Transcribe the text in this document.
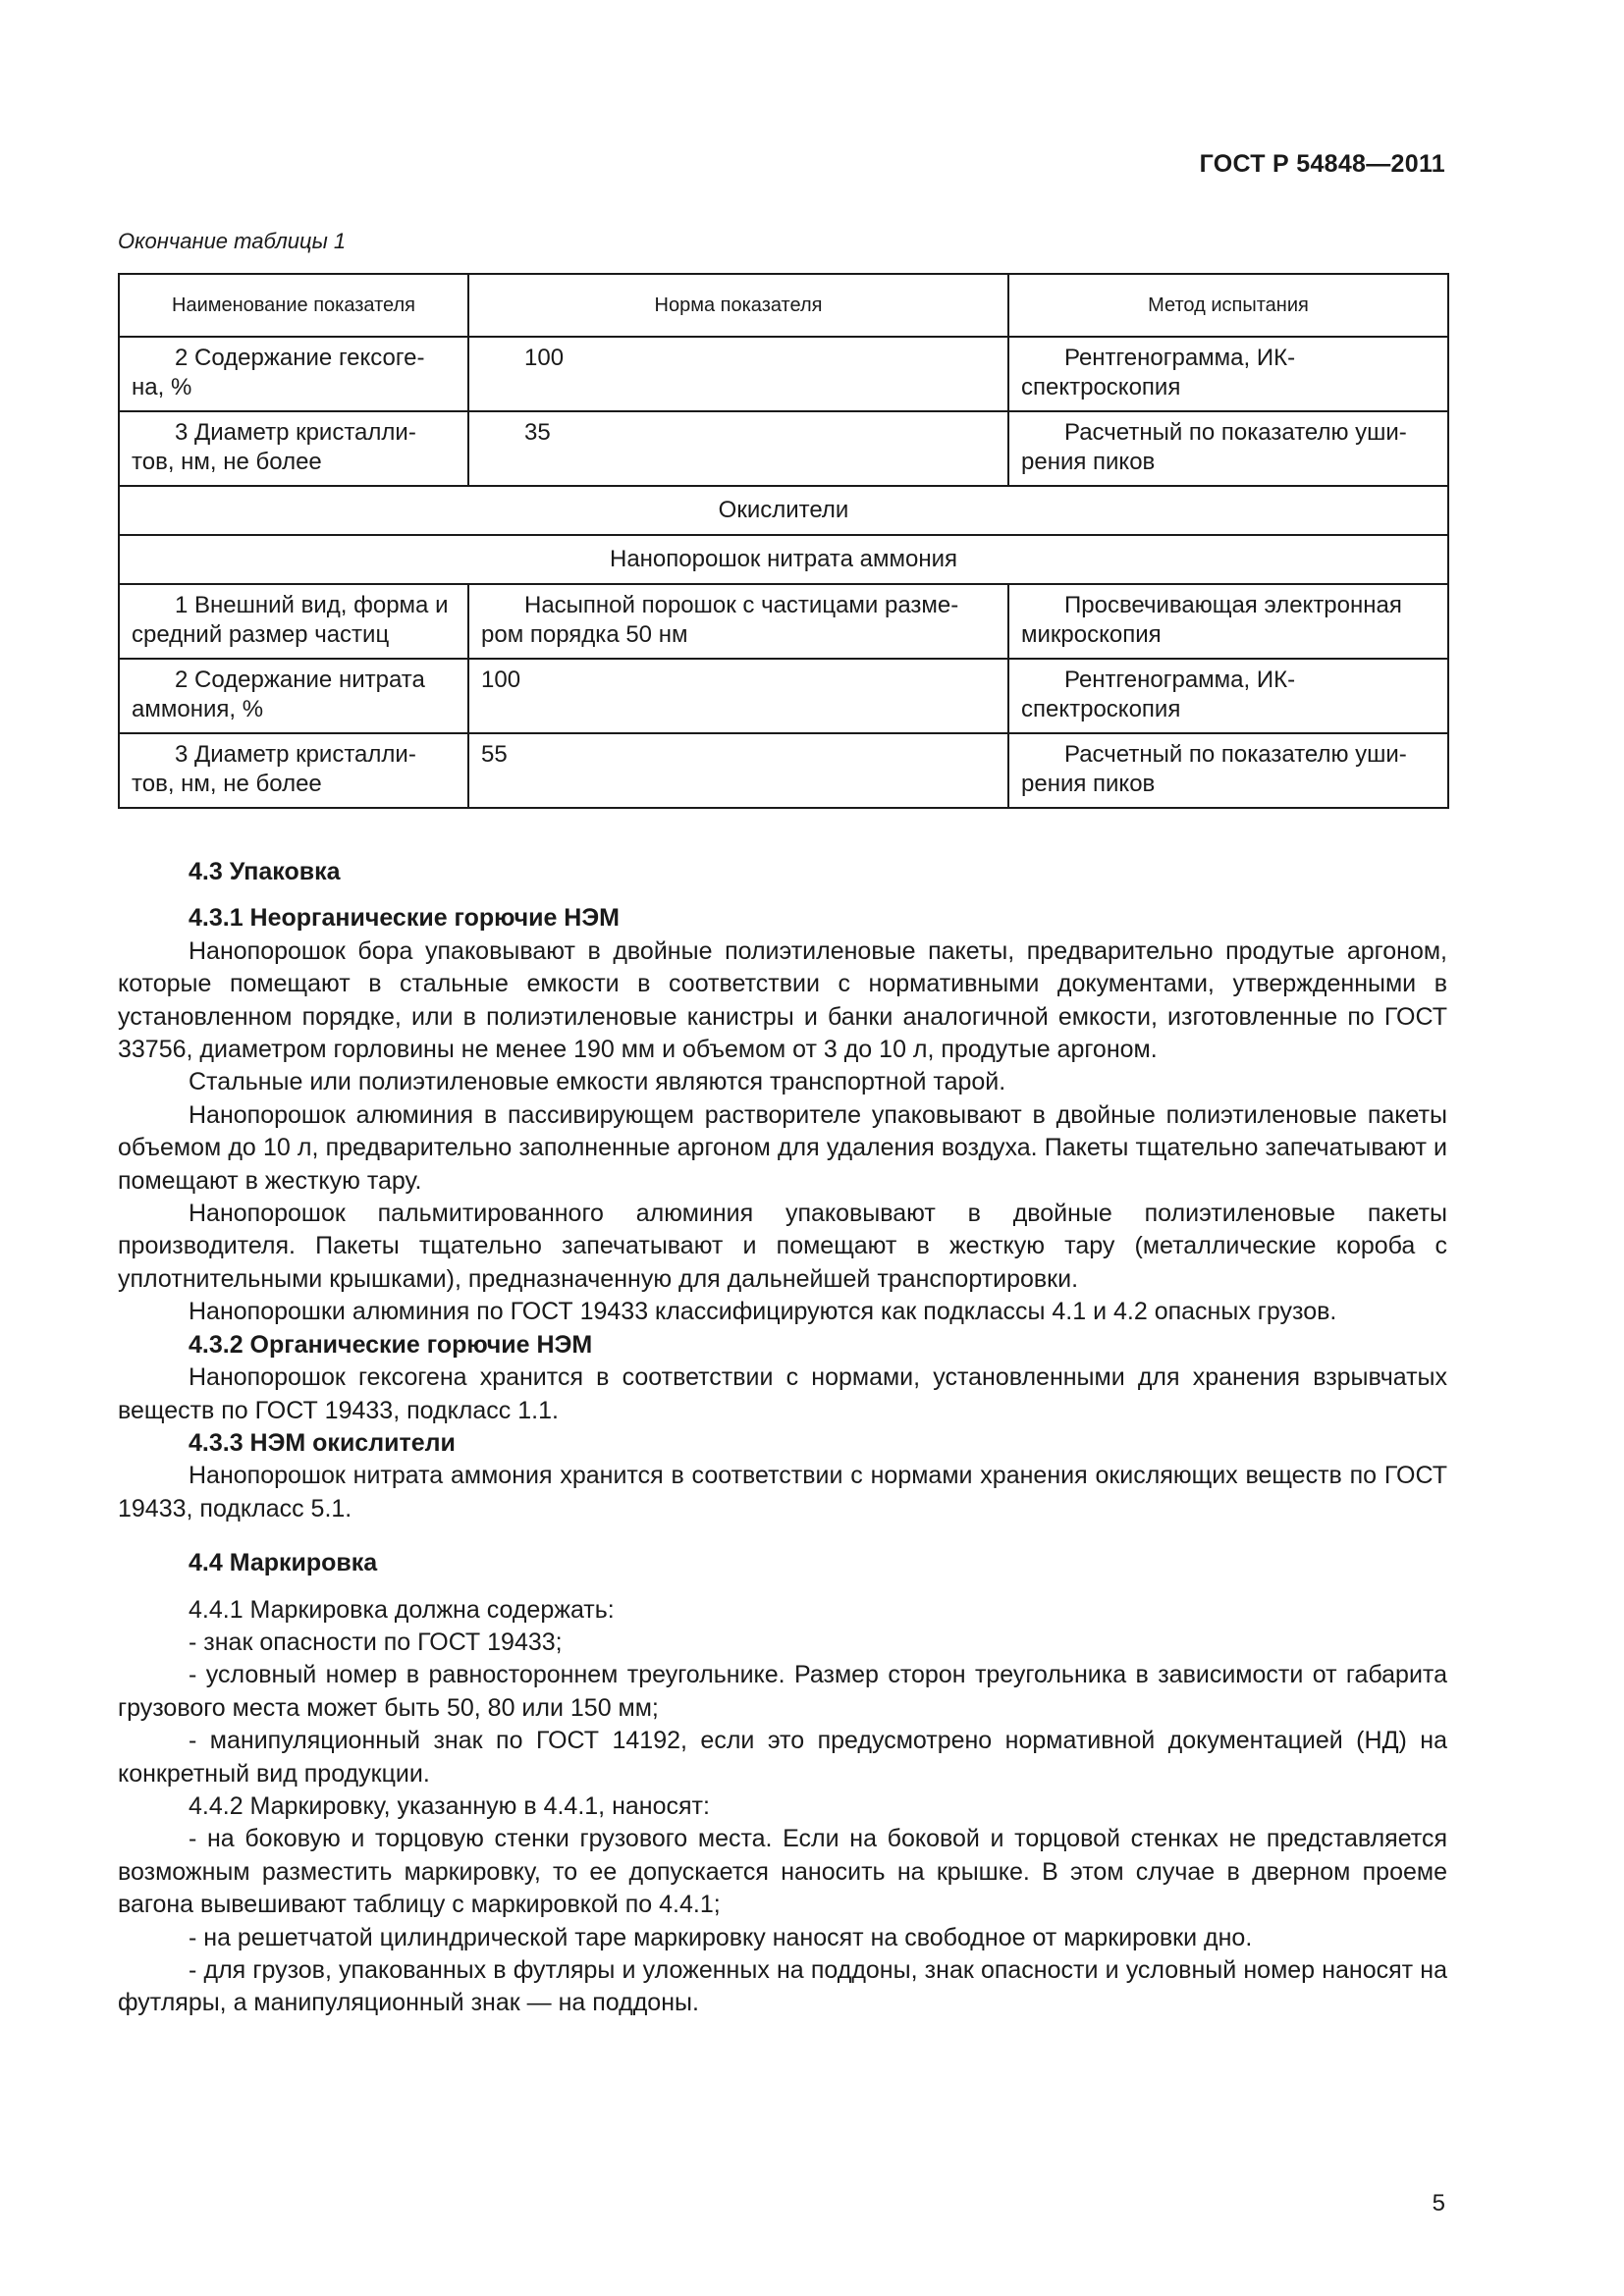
ГОСТ Р 54848—2011
Окончание таблицы 1
Наименование показателя	Норма показателя	Метод испытания
2 Содержание гексоге-на, %	100	Рентгенограмма, ИК-спектроскопия
3 Диаметр кристалли-тов, нм, не более	35	Расчетный по показателю уши-рения пиков
Окислители		
Нанопорошок нитрата аммония		
1 Внешний вид, форма и средний размер частиц	Насыпной порошок с частицами разме-ром порядка 50 нм	Просвечивающая электронная микроскопия
2 Содержание нитрата аммония, %	100	Рентгенограмма, ИК-спектроскопия
3 Диаметр кристалли-тов, нм, не более	55	Расчетный по показателю уши-рения пиков
4.3 Упаковка
4.3.1 Неорганические горючие НЭМ

Нанопорошок бора упаковывают в двойные полиэтиленовые пакеты, предварительно продутые аргоном, которые помещают в стальные емкости в соответствии с нормативными документами, утвержденными в установленном порядке, или в полиэтиленовые канистры и банки аналогичной емкости, изготовленные по ГОСТ 33756, диаметром горловины не менее 190 мм и объемом от 3 до 10 л, продутые аргоном.

Стальные или полиэтиленовые емкости являются транспортной тарой.

Нанопорошок алюминия в пассивирующем растворителе упаковывают в двойные полиэтиленовые пакеты объемом до 10 л, предварительно заполненные аргоном для удаления воздуха. Пакеты тщательно запечатывают и помещают в жесткую тару.

Нанопорошок пальмитированного алюминия упаковывают в двойные полиэтиленовые пакеты производителя. Пакеты тщательно запечатывают и помещают в жесткую тару (металлические короба с уплотнительными крышками), предназначенную для дальнейшей транспортировки.

Нанопорошки алюминия по ГОСТ 19433 классифицируются как подклассы 4.1 и 4.2 опасных грузов.

4.3.2 Органические горючие НЭМ

Нанопорошок гексогена хранится в соответствии с нормами, установленными для хранения взрывчатых веществ по ГОСТ 19433, подкласс 1.1.

4.3.3 НЭМ окислители

Нанопорошок нитрата аммония хранится в соответствии с нормами хранения окисляющих веществ по ГОСТ 19433, подкласс 5.1.

4.4 Маркировка

4.4.1 Маркировка должна содержать:

- знак опасности по ГОСТ 19433;

- условный номер в равностороннем треугольнике. Размер сторон треугольника в зависимости от габарита грузового места может быть 50, 80 или 150 мм;

- манипуляционный знак по ГОСТ 14192, если это предусмотрено нормативной документацией (НД) на конкретный вид продукции.

4.4.2 Маркировку, указанную в 4.4.1, наносят:

- на боковую и торцовую стенки грузового места. Если на боковой и торцовой стенках не представляется возможным разместить маркировку, то ее допускается наносить на крышке. В этом случае в дверном проеме вагона вывешивают таблицу с маркировкой по 4.4.1;

- на решетчатой цилиндрической таре маркировку наносят на свободное от маркировки дно.

- для грузов, упакованных в футляры и уложенных на поддоны, знак опасности и условный номер наносят на футляры, а манипуляционный знак — на поддоны.

5
